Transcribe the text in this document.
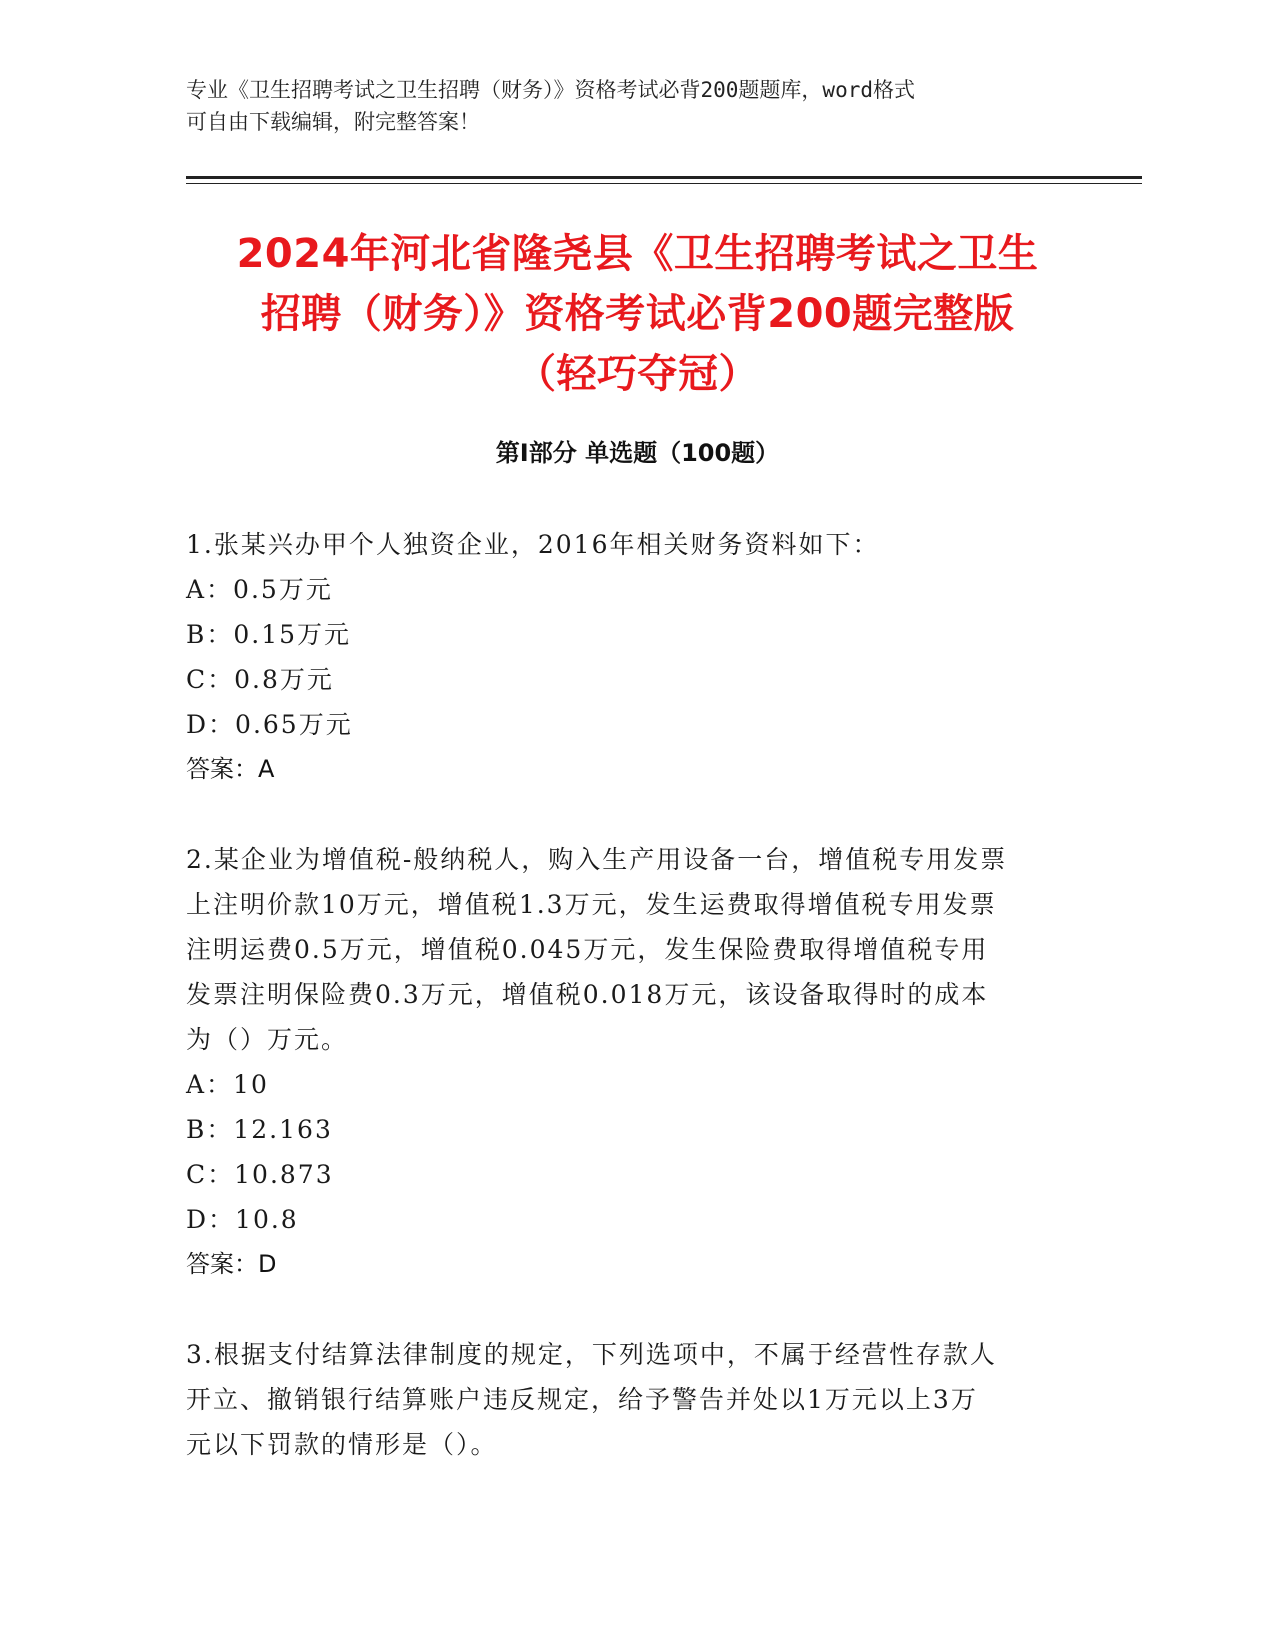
专业《卫生招聘考试之卫生招聘（财务）》资格考试必背200题题库，word格式
可自由下载编辑，附完整答案！
2024年河北省隆尧县《卫生招聘考试之卫生
招聘（财务）》资格考试必背200题完整版
（轻巧夺冠）
第Ⅰ部分 单选题（100题）

1.张某兴办甲个人独资企业，2016年相关财务资料如下：

A：0.5万元

B：0.15万元

C：0.8万元

D：0.65万元

答案：A

2.某企业为增值税-般纳税人，购入生产用设备一台，增值税专用发票

上注明价款10万元，增值税1.3万元，发生运费取得增值税专用发票

注明运费0.5万元，增值税0.045万元，发生保险费取得增值税专用

发票注明保险费0.3万元，增值税0.018万元，该设备取得时的成本

为（）万元。

A：10

B：12.163

C：10.873

D：10.8

答案：D

3.根据支付结算法律制度的规定，下列选项中，不属于经营性存款人

开立、撤销银行结算账户违反规定，给予警告并处以1万元以上3万

元以下罚款的情形是（）。
